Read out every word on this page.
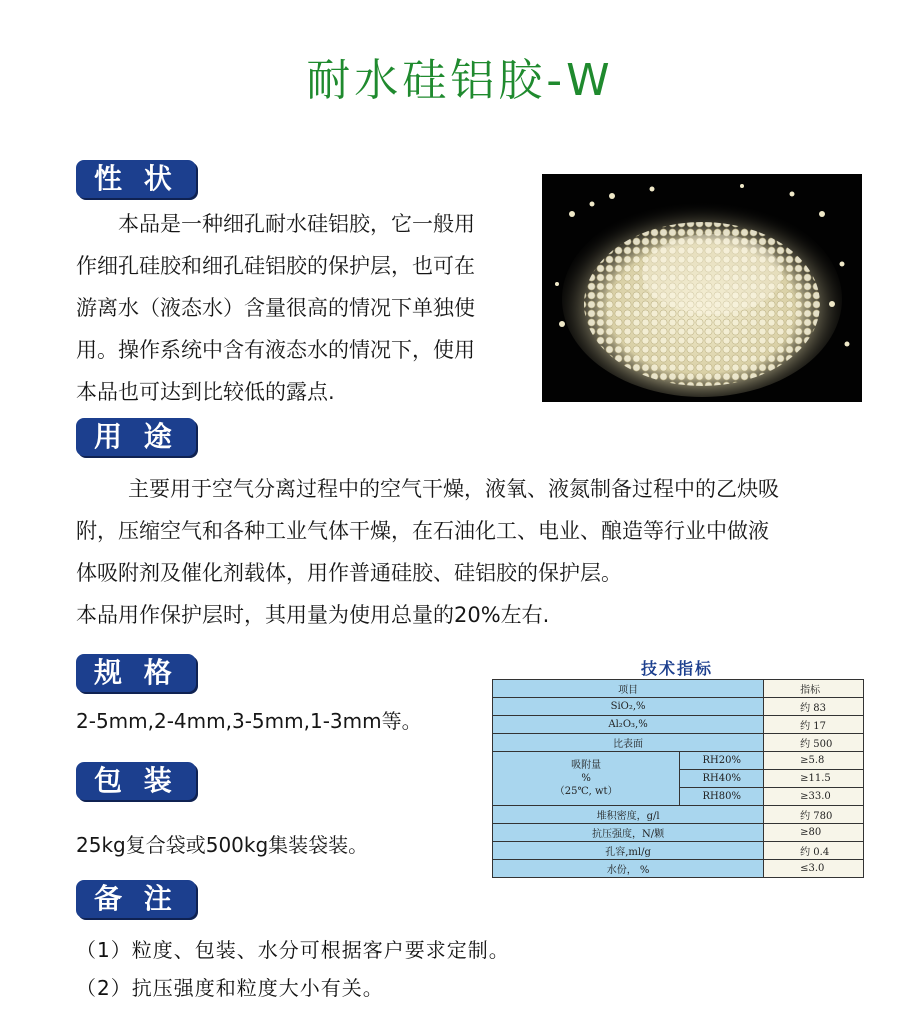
耐水硅铝胶-W
性 状
本品是一种细孔耐水硅铝胶，它一般用
作细孔硅胶和细孔硅铝胶的保护层，也可在
游离水（液态水）含量很高的情况下单独使
用。操作系统中含有液态水的情况下，使用
本品也可达到比较低的露点.
用 途
主要用于空气分离过程中的空气干燥，液氧、液氮制备过程中的乙炔吸
附，压缩空气和各种工业气体干燥，在石油化工、电业、酿造等行业中做液
体吸附剂及催化剂载体，用作普通硅胶、硅铝胶的保护层。
本品用作保护层时，其用量为使用总量的20%左右.
规 格
2-5mm,2-4mm,3-5mm,1-3mm等。
包 装
25kg复合袋或500kg集装袋装。
技术指标
项目		指标
SiO₂,%		约 83
Al₂O₃,%		约 17
比表面		约 500

吸附量
%
（25℃, wt）	RH20%	≥5.8
	RH40%	≥11.5
	RH80%	≥33.0
堆积密度，g/l		约 780
抗压强度，N/颗		≥80
孔容,ml/g		约 0.4
水份， %		≤3.0
备 注
（1）粒度、包装、水分可根据客户要求定制。
（2）抗压强度和粒度大小有关。
